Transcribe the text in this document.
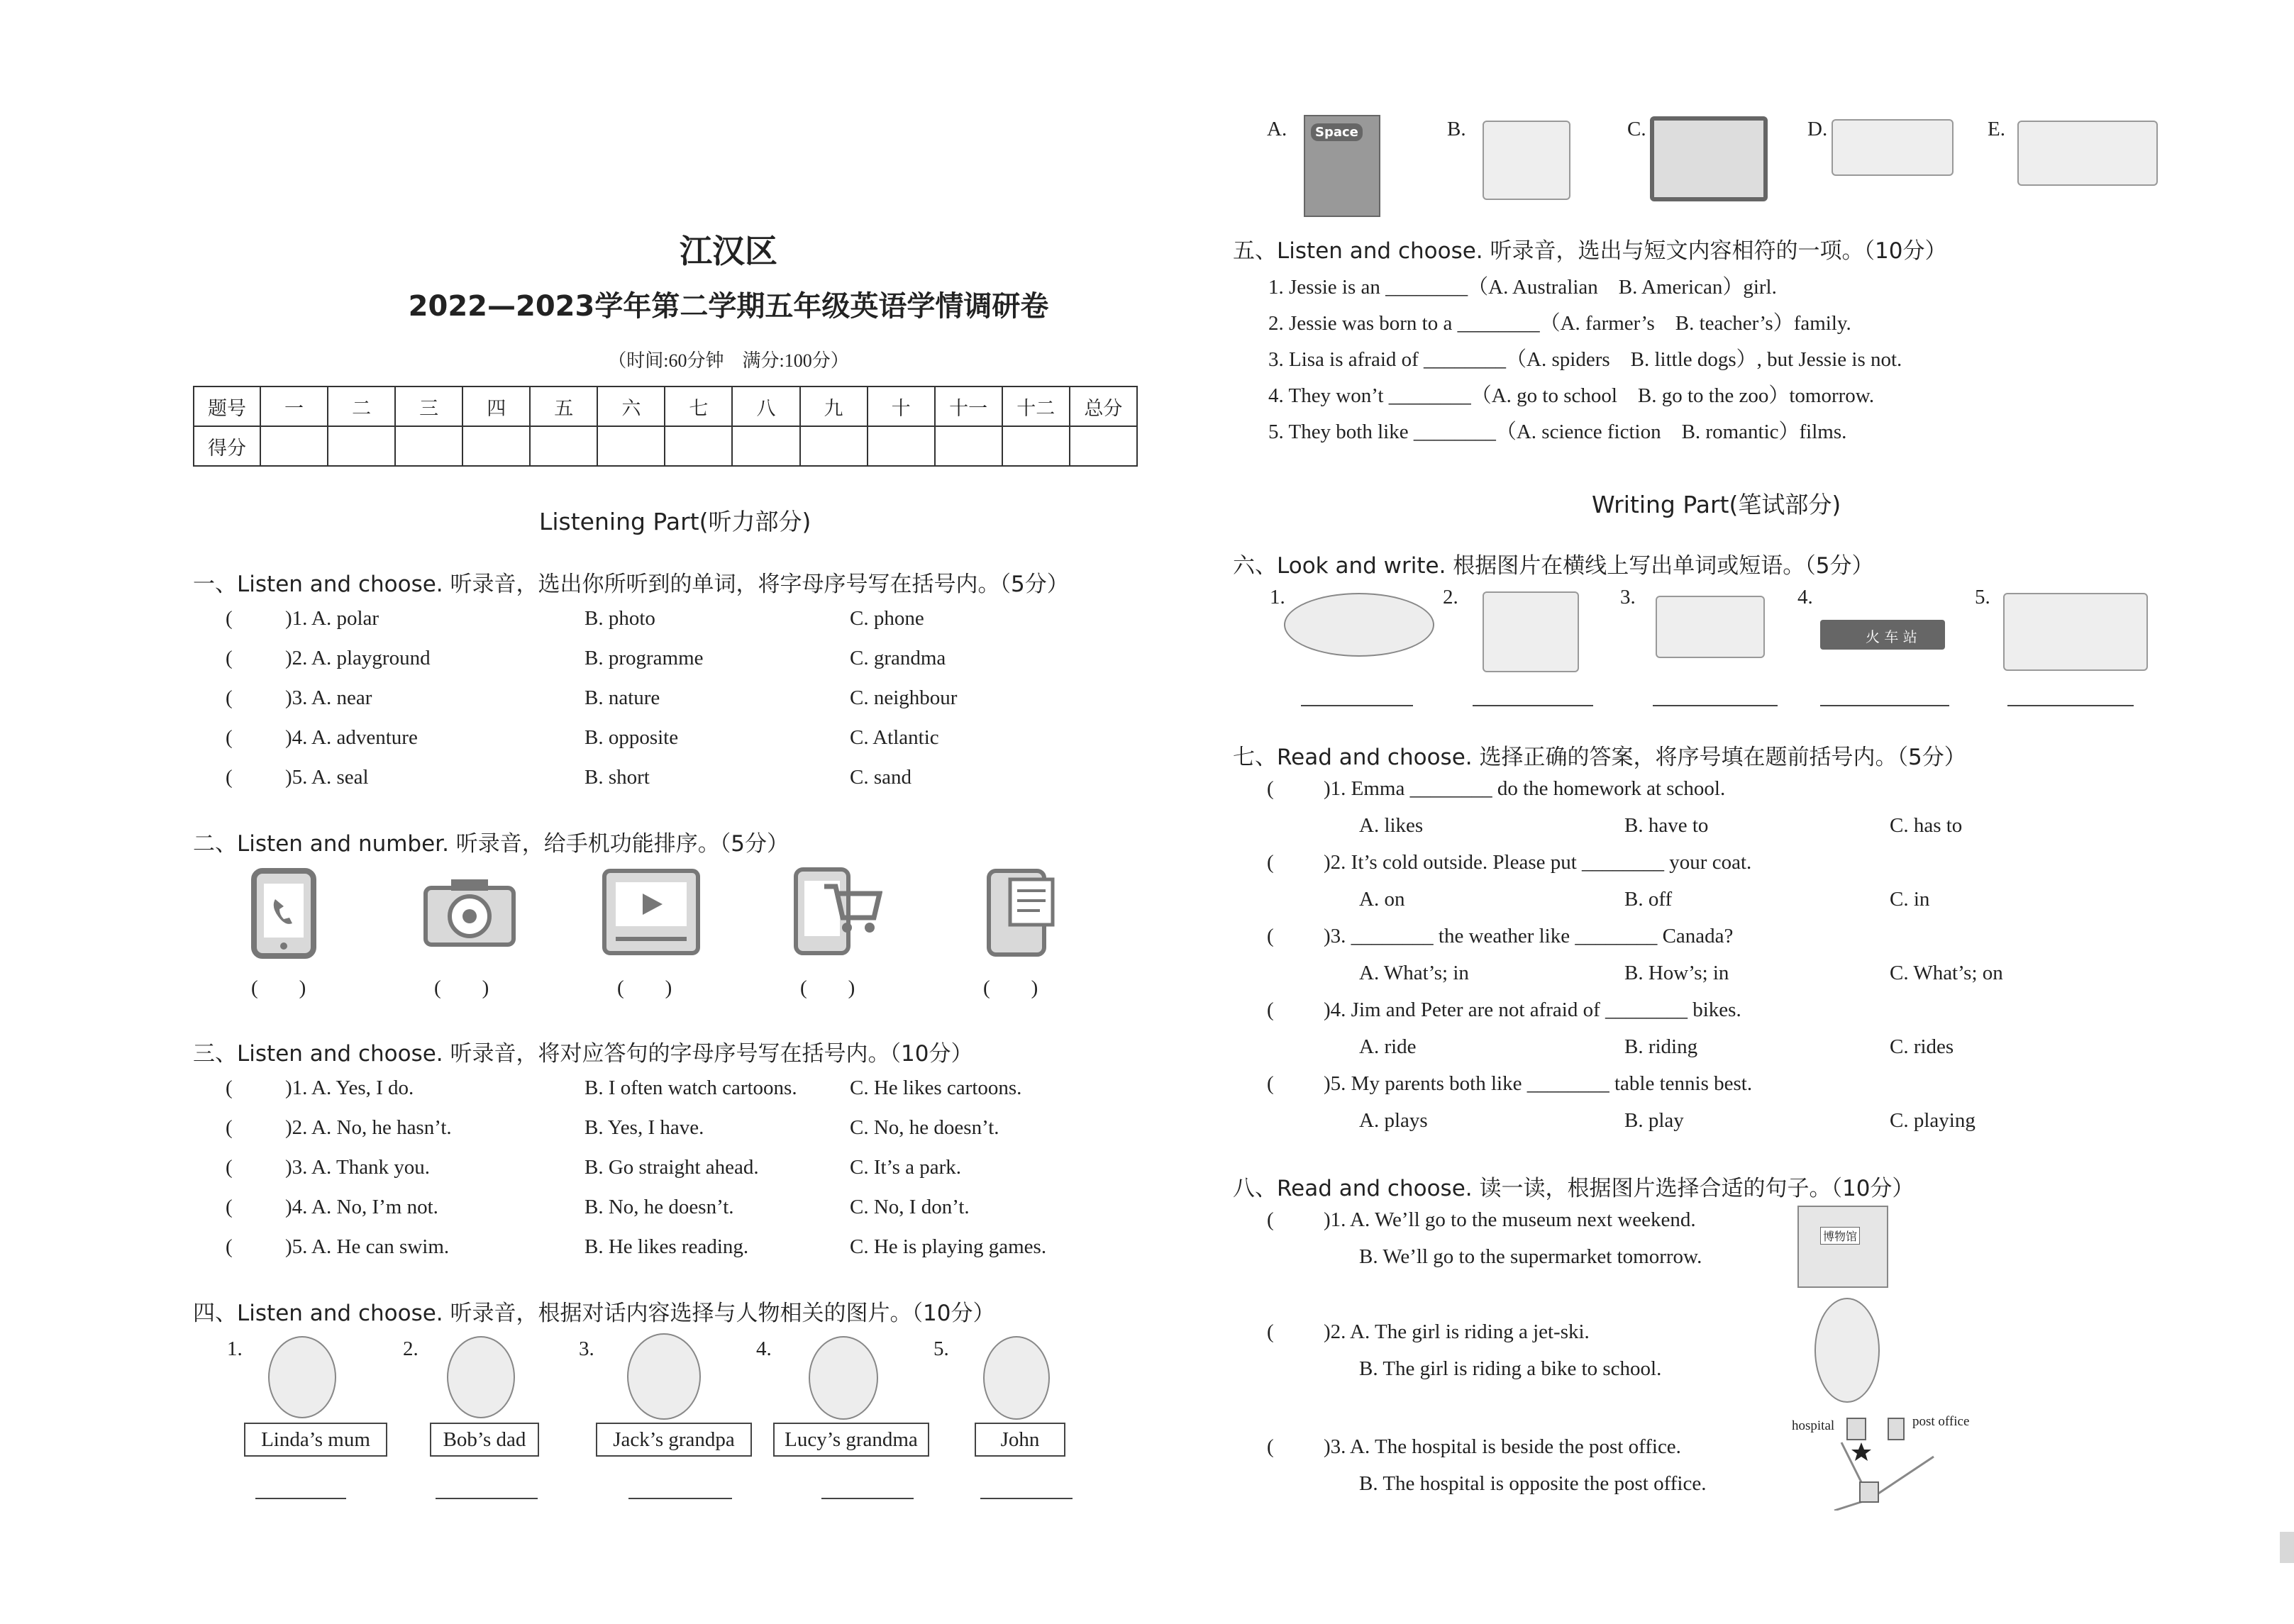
江汉区
2022—2023学年第二学期五年级英语学情调研卷
（时间:60分钟　满分:100分）
题号	一	二	三	四	五	六	七	八	九	十	十一	十二	总分
得分													
Listening Part(听力部分)
一、Listen and choose. 听录音，选出你所听到的单词，将字母序号写在括号内。（5分）
(	)1. A. polar	B. photo	C. phone
(	)2. A. playground	B. programme	C. grandma
(	)3. A. near	B. nature	C. neighbour
(	)4. A. adventure	B. opposite	C. Atlantic
(	)5. A. seal	B. short	C. sand
二、Listen and number. 听录音，给手机功能排序。（5分）
(　　)	(　　)	(　　)	(　　)	(　　)
三、Listen and choose. 听录音，将对应答句的字母序号写在括号内。（10分）
(	)1. A. Yes, I do.	B. I often watch cartoons.	C. He likes cartoons.
(	)2. A. No, he hasn’t.	B. Yes, I have.	C. No, he doesn’t.
(	)3. A. Thank you.	B. Go straight ahead.	C. It’s a park.
(	)4. A. No, I’m not.	B. No, he doesn’t.	C. No, I don’t.
(	)5. A. He can swim.	B. He likes reading.	C. He is playing games.
四、Listen and choose. 听录音，根据对话内容选择与人物相关的图片。（10分）
1.
Linda’s mum
2.
Bob’s dad
3.
Jack’s grandpa
4.
Lucy’s grandma
5.
John
A.	Space	B.	C.	D.	E.
五、Listen and choose. 听录音，选出与短文内容相符的一项。（10分）
1. Jessie is an ________（A. Australian　B. American）girl.
2. Jessie was born to a ________（A. farmer’s　B. teacher’s）family.
3. Lisa is afraid of ________（A. spiders　B. little dogs）, but Jessie is not.
4. They won’t ________（A. go to school　B. go to the zoo）tomorrow.
5. They both like ________（A. science fiction　B. romantic）films.
Writing Part(笔试部分)
六、Look and write. 根据图片在横线上写出单词或短语。（5分）
1.	2.	3.	4.
火 车 站
5.
七、Read and choose. 选择正确的答案，将序号填在题前括号内。（5分）
( )1. Emma ________ do the homework at school.
A. likes	B. have to	C. has to
( )2. It’s cold outside. Please put ________ your coat.
A. on	B. off	C. in
( )3. ________ the weather like ________ Canada?
A. What’s; in	B. How’s; in	C. What’s; on
( )4. Jim and Peter are not afraid of ________ bikes.
A. ride	B. riding	C. rides
( )5. My parents both like ________ table tennis best.
A. plays	B. play	C. playing
八、Read and choose. 读一读，根据图片选择合适的句子。（10分）
( )1. A. We’ll go to the museum next weekend.
B. We’ll go to the supermarket tomorrow.
博物馆
( )2. A. The girl is riding a jet-ski.
B. The girl is riding a bike to school.
( )3. A. The hospital is beside the post office.
B. The hospital is opposite the post office.
hospital	post office
